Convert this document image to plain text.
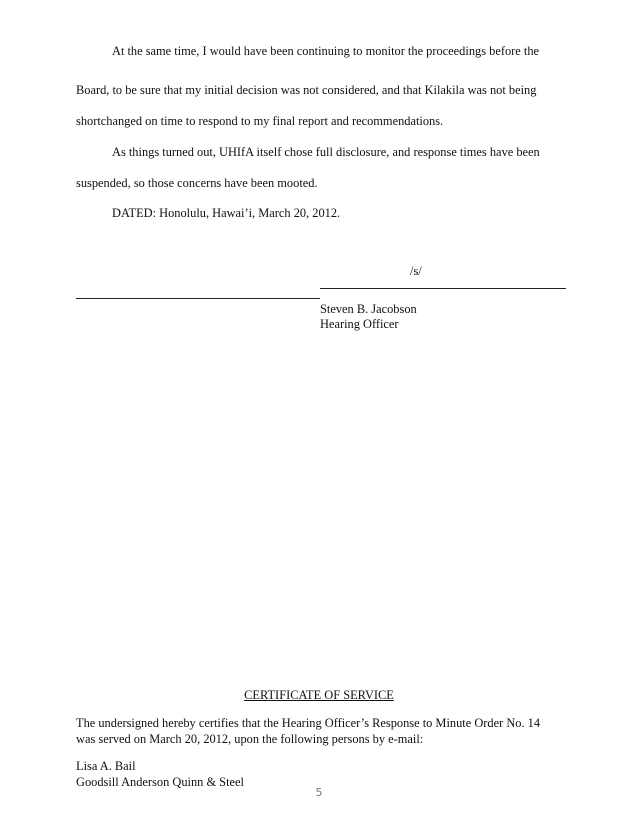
At the same time, I would have been continuing to monitor the proceedings before the
Board, to be sure that my initial decision was not considered, and that Kilakila was not being
shortchanged on time to respond to my final report and recommendations.
As things turned out, UHIfA itself chose full disclosure, and response times have been
suspended, so those concerns have been mooted.
DATED: Honolulu, Hawai’i, March 20, 2012.
/s/
Steven B. Jacobson
Hearing Officer
CERTIFICATE OF SERVICE
The undersigned hereby certifies that the Hearing Officer’s Response to Minute Order No. 14
was served on March 20, 2012, upon the following persons by e-mail:
Lisa A. Bail
Goodsill Anderson Quinn & Steel
5
